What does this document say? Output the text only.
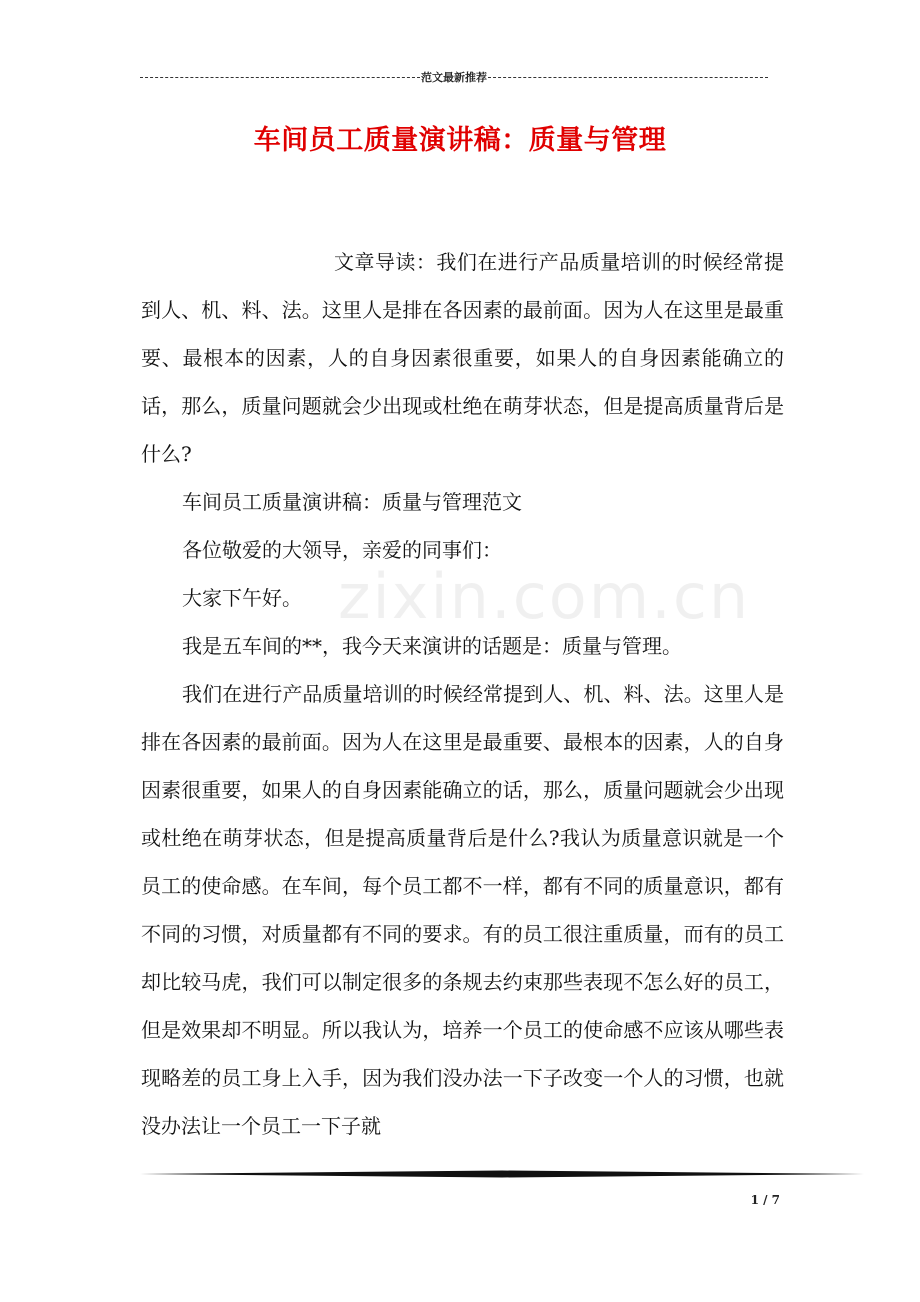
范文最新推荐
车间员工质量演讲稿：质量与管理
zixin.com.cn

文章导读：我们在进行产品质量培训的时候经常提到人、机、料、法。这里人是排在各因素的最前面。因为人在这里是最重要、最根本的因素，人的自身因素很重要，如果人的自身因素能确立的话，那么，质量问题就会少出现或杜绝在萌芽状态，但是提高质量背后是什么?

车间员工质量演讲稿：质量与管理范文

各位敬爱的大领导，亲爱的同事们：

大家下午好。

我是五车间的**，我今天来演讲的话题是：质量与管理。

我们在进行产品质量培训的时候经常提到人、机、料、法。这里人是排在各因素的最前面。因为人在这里是最重要、最根本的因素，人的自身因素很重要，如果人的自身因素能确立的话，那么，质量问题就会少出现或杜绝在萌芽状态，但是提高质量背后是什么?我认为质量意识就是一个员工的使命感。在车间，每个员工都不一样，都有不同的质量意识，都有不同的习惯，对质量都有不同的要求。有的员工很注重质量，而有的员工却比较马虎，我们可以制定很多的条规去约束那些表现不怎么好的员工，但是效果却不明显。所以我认为，培养一个员工的使命感不应该从哪些表现略差的员工身上入手，因为我们没办法一下子改变一个人的习惯，也就没办法让一个员工一下子就

1 / 7
